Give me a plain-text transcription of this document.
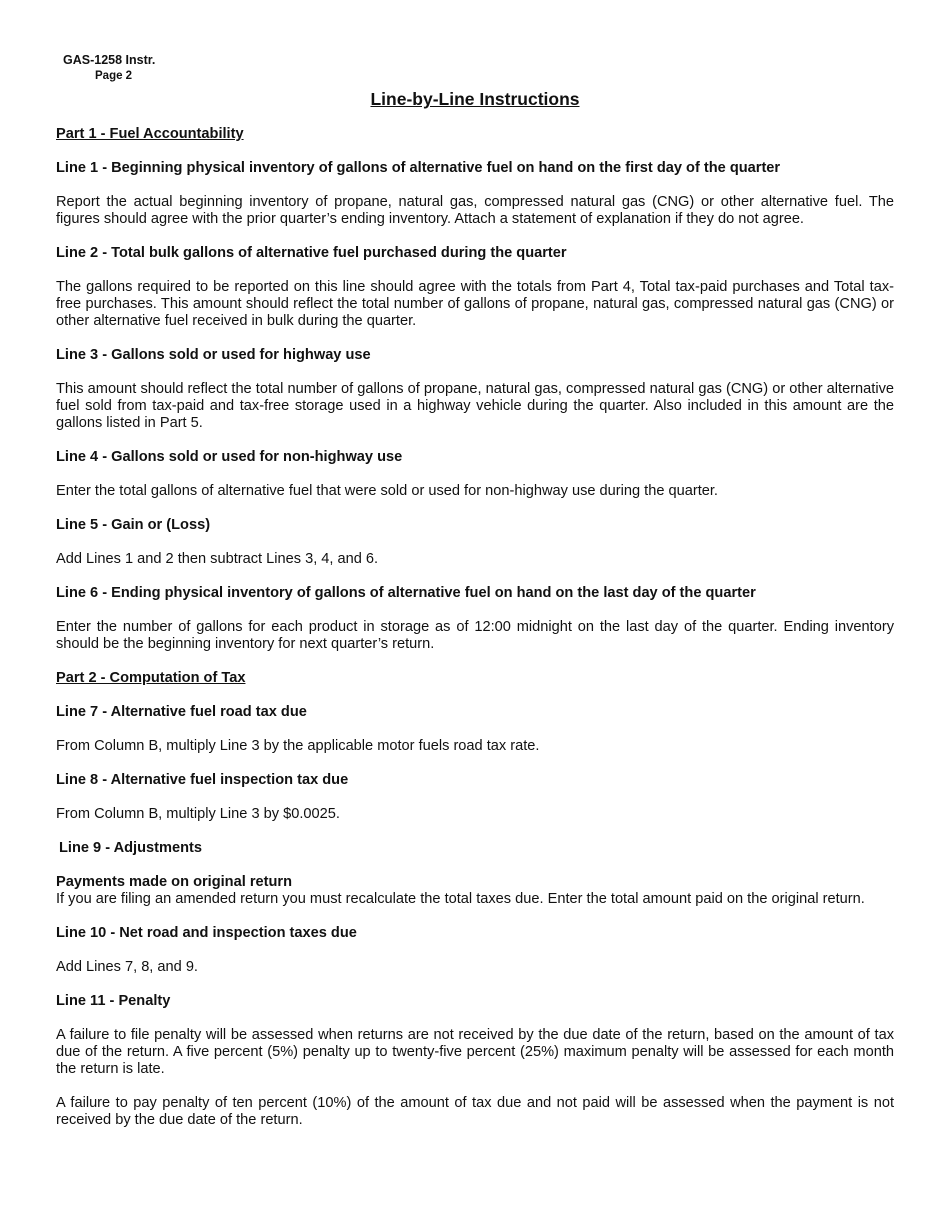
GAS-1258 Instr.
Page 2
Line-by-Line Instructions
Part 1 - Fuel Accountability
Line 1 - Beginning physical inventory of gallons of alternative fuel on hand on the first day of the quarter
Report the actual beginning inventory of propane, natural gas, compressed natural gas (CNG) or other alternative fuel. The figures should agree with the prior quarter’s ending inventory. Attach a statement of explanation if they do not agree.
Line 2 - Total bulk gallons of alternative fuel purchased during the quarter
The gallons required to be reported on this line should agree with the totals from Part 4, Total tax-paid purchases and Total tax-free purchases. This amount should reflect the total number of gallons of propane, natural gas, compressed natural gas (CNG) or other alternative fuel received in bulk during the quarter.
Line 3 - Gallons sold or used for highway use
This amount should reflect the total number of gallons of propane, natural gas, compressed natural gas (CNG) or other alternative fuel sold from tax-paid and tax-free storage used in a highway vehicle during the quarter. Also included in this amount are the gallons listed in Part 5.
Line 4 - Gallons sold or used for non-highway use
Enter the total gallons of alternative fuel that were sold or used for non-highway use during the quarter.
Line 5 - Gain or (Loss)
Add Lines 1 and 2 then subtract Lines 3, 4, and 6.
Line 6 - Ending physical inventory of gallons of alternative fuel on hand on the last day of the quarter
Enter the number of gallons for each product in storage as of 12:00 midnight on the last day of the quarter. Ending inventory should be the beginning inventory for next quarter’s return.
Part 2 - Computation of Tax
Line 7 - Alternative fuel road tax due
From Column B, multiply Line 3 by the applicable motor fuels road tax rate.
Line 8 - Alternative fuel inspection tax due
From Column B, multiply Line 3 by $0.0025.
Line 9 - Adjustments
Payments made on original return
If you are filing an amended return you must recalculate the total taxes due. Enter the total amount paid on the original return.
Line 10 - Net road and inspection taxes due
Add Lines 7, 8, and 9.
Line 11 - Penalty
A failure to file penalty will be assessed when returns are not received by the due date of the return, based on the amount of tax due of the return. A five percent (5%) penalty up to twenty-five percent (25%) maximum penalty will be assessed for each month the return is late.
A failure to pay penalty of ten percent (10%) of the amount of tax due and not paid will be assessed when the payment is not received by the due date of the return.
